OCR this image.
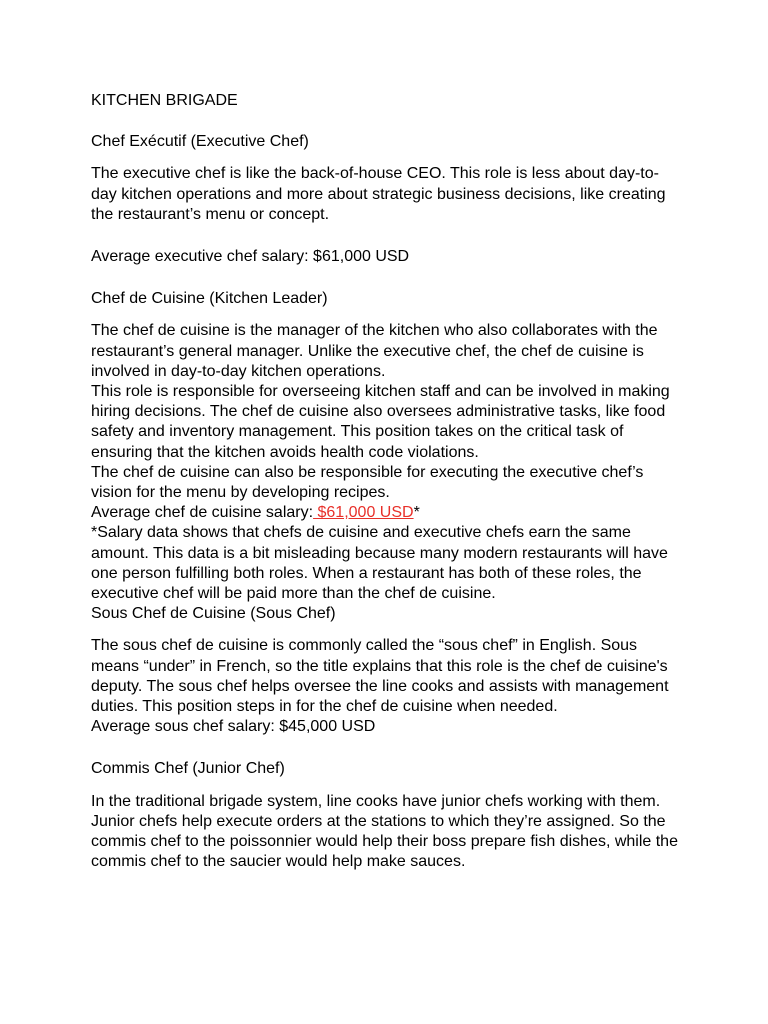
KITCHEN BRIGADE

Chef Exécutif (Executive Chef)

The executive chef is like the back-of-house CEO. This role is less about day-to-day kitchen operations and more about strategic business decisions, like creating the restaurant’s menu or concept.

Average executive chef salary: $61,000 USD

Chef de Cuisine (Kitchen Leader)

The chef de cuisine is the manager of the kitchen who also collaborates with the restaurant’s general manager. Unlike the executive chef, the chef de cuisine is involved in day-to-day kitchen operations.

This role is responsible for overseeing kitchen staff and can be involved in making hiring decisions. The chef de cuisine also oversees administrative tasks, like food safety and inventory management. This position takes on the critical task of ensuring that the kitchen avoids health code violations.

The chef de cuisine can also be responsible for executing the executive chef’s vision for the menu by developing recipes.

Average chef de cuisine salary: $61,000 USD*

*Salary data shows that chefs de cuisine and executive chefs earn the same amount. This data is a bit misleading because many modern restaurants will have one person fulfilling both roles. When a restaurant has both of these roles, the executive chef will be paid more than the chef de cuisine.

Sous Chef de Cuisine (Sous Chef)

The sous chef de cuisine is commonly called the “sous chef” in English. Sous means “under” in French, so the title explains that this role is the chef de cuisine's deputy. The sous chef helps oversee the line cooks and assists with management duties. This position steps in for the chef de cuisine when needed.

Average sous chef salary: $45,000 USD

Commis Chef (Junior Chef)

In the traditional brigade system, line cooks have junior chefs working with them. Junior chefs help execute orders at the stations to which they’re assigned. So the commis chef to the poissonnier would help their boss prepare fish dishes, while the commis chef to the saucier would help make sauces.
